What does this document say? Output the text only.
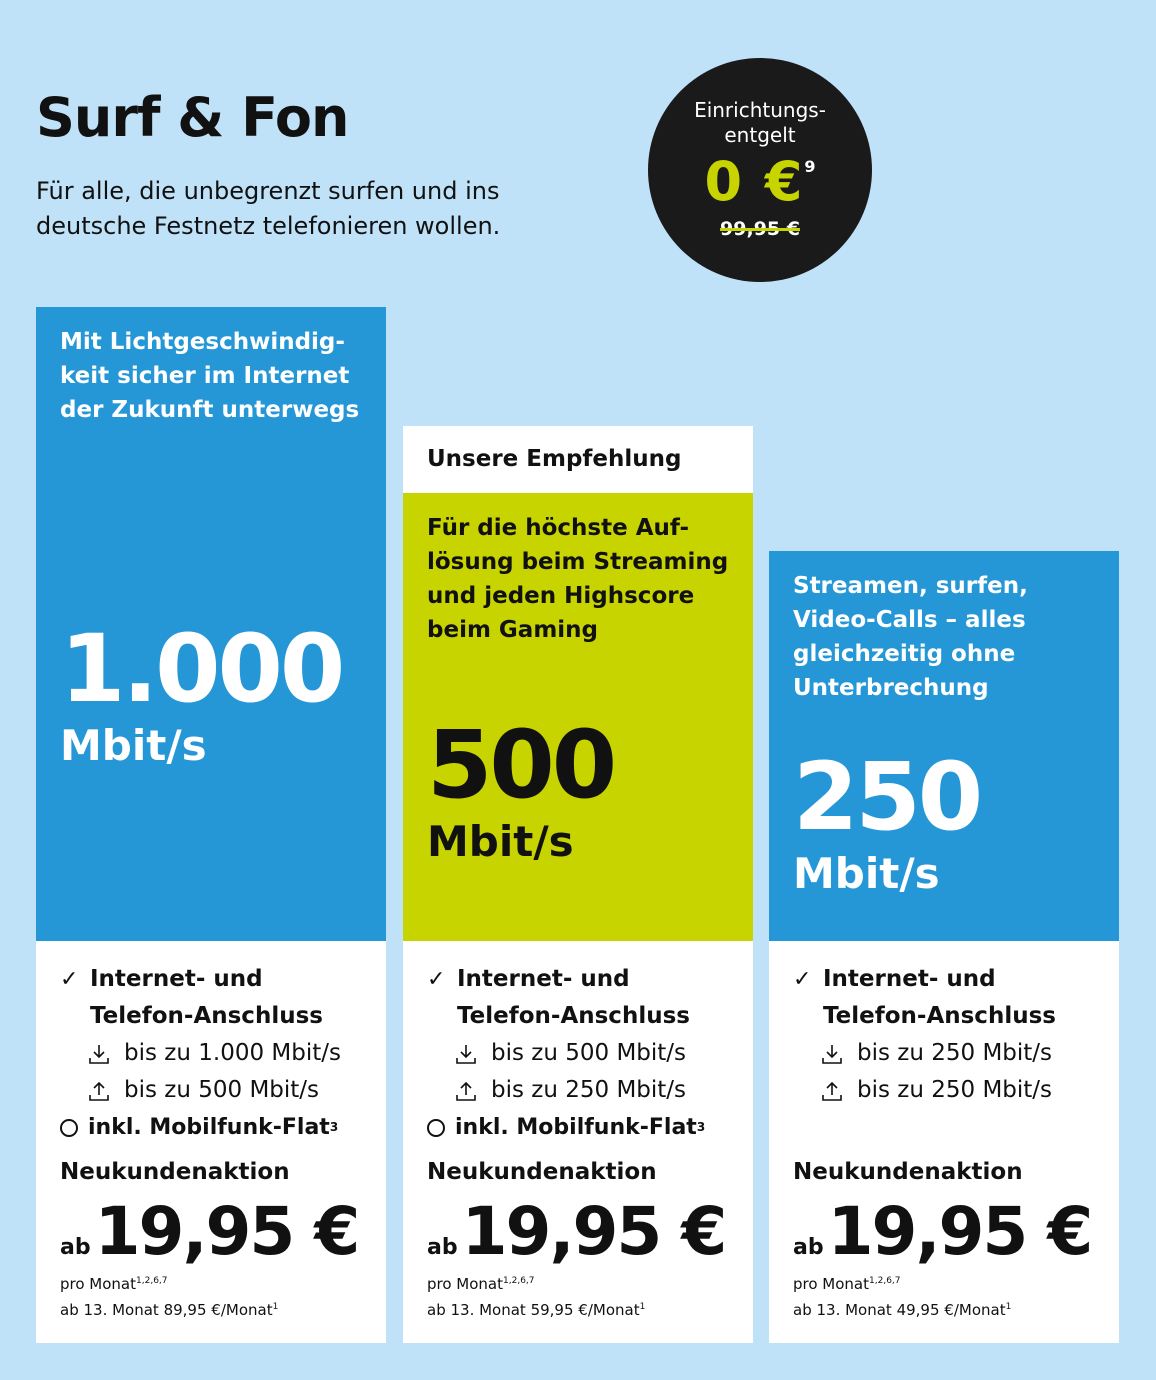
Surf & Fon

Für alle, die unbegrenzt surfen und ins deutsche Festnetz telefonieren wollen.

Einrichtungs-
entgelt
0 €$^9$
99,95 €

Mit Lichtgeschwindig-keit sicher im Internet der Zukunft unterwegs

1.000
Mbit/s
✓ Internet- und
Telefon-Anschluss
bis zu 1.000 Mbit/s
bis zu 500 Mbit/s
inkl. Mobilfunk-Flat 3
Neukundenaktion
ab 19,95 €
pro Monat$^{1,2,6,7}$
ab 13. Monat 89,95 €/Monat$^1$
Unsere Empfehlung

Für die höchste Auf-lösung beim Streaming und jeden Highscore beim Gaming

500
Mbit/s
✓ Internet- und
Telefon-Anschluss
bis zu 500 Mbit/s
bis zu 250 Mbit/s
inkl. Mobilfunk-Flat 3
Neukundenaktion
ab 19,95 €
pro Monat$^{1,2,6,7}$
ab 13. Monat 59,95 €/Monat$^1$

Streamen, surfen, Video-Calls – alles gleichzeitig ohne Unterbrechung

250
Mbit/s
✓ Internet- und
Telefon-Anschluss
bis zu 250 Mbit/s
bis zu 250 Mbit/s
Neukundenaktion
ab 19,95 €
pro Monat$^{1,2,6,7}$
ab 13. Monat 49,95 €/Monat$^1$
